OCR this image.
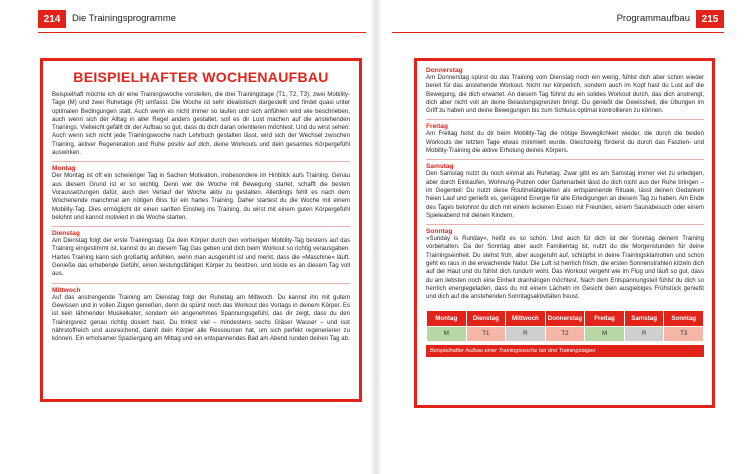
214	Die Trainingsprogramme	Programmaufbau	215
BEISPIELHAFTER WOCHENAUFBAU

Beispielhaft möchte ich dir eine Trainingswoche vorstellen, die drei Trainingstage (T1, T2, T3), zwei Mobility-Tage (M) und zwei Ruhetage (R) umfasst. Die Woche ist sehr idealistisch dargestellt und findet quasi unter optimalen Bedingungen statt. Auch wenn es nicht immer so laufen und sich anfühlen wird wie beschrieben, auch wenn sich der Alltag in aller Regel anders gestaltet, soll es dir Lust machen auf die anstehenden Trainings. Vielleicht gefällt dir der Aufbau so gut, dass du dich daran orientieren möchtest. Und du wirst sehen: Auch wenn sich nicht jede Trainingswoche nach Lehrbuch gestalten lässt, wird sich der Wechsel zwischen Training, aktiver Regeneration und Ruhe positiv auf dich, deine Workouts und dein gesamtes Körpergefühl auswirken.

Montag

Der Montag ist oft ein schwieriger Tag in Sachen Motivation, insbesondere im Hinblick aufs Training. Genau aus diesem Grund ist er so wichtig. Denn wer die Woche mit Bewegung startet, schafft die besten Voraussetzungen dafür, auch den Verlauf der Woche aktiv zu gestalten. Allerdings fehlt es nach dem Wochenende manchmal am nötigen Biss für ein hartes Training. Daher startest du die Woche mit einem Mobility-Tag. Dies ermöglicht dir einen sanften Einstieg ins Training, du wirst mit einem guten Körpergefühl belohnt und kannst motiviert in die Woche starten.

Dienstag

Am Dienstag folgt der erste Trainingstag. Da dein Körper durch den vorherigen Mobility-Tag bestens auf das Training eingestimmt ist, kannst du an diesem Tag Gas geben und dich beim Workout so richtig verausgaben. Hartes Training kann sich großartig anfühlen, wenn man ausgeruht ist und merkt, dass die »Maschine« läuft. Genieße das erhebende Gefühl, einen leistungsfähigen Körper zu besitzen, und koste es an diesem Tag voll aus.

Mittwoch

Auf das anstrengende Training am Dienstag folgt der Ruhetag am Mittwoch. Du kannst ihn mit gutem Gewissen und in vollen Zügen genießen, denn du spürst noch das Workout des Vortags in deinem Körper. Es ist kein lähmender Muskelkater, sondern ein angenehmes Spannungsgefühl, das dir zeigt, dass du den Trainingsreiz genau richtig dosiert hast. Du trinkst viel – mindestens sechs Gläser Wasser – und isst nährstoffreich und ausreichend, damit dein Körper alle Ressourcen hat, um sich perfekt regenerieren zu können. Ein erholsamer Spaziergang am Mittag und ein entspannendes Bad am Abend runden deinen Tag ab.

Donnerstag

Am Donnerstag spürst du das Training vom Dienstag noch ein wenig, fühlst dich aber schon wieder bereit für das anstehende Workout. Nicht nur körperlich, sondern auch im Kopf hast du Lust auf die Bewegung, die dich erwartet. An diesem Tag führst du ein solides Workout durch, das dich anstrengt, dich aber nicht voll an deine Belastungsgrenzen bringt. Du genießt die Gewissheit, die Übungen im Griff zu haben und deine Bewegungen bis zum Schluss optimal kontrollieren zu können.

Freitag

Am Freitag holst du dir beim Mobility-Tag die nötige Beweglichkeit wieder, die durch die beiden Workouts der letzten Tage etwas minimiert wurde. Gleichzeitig förderst du durch das Faszien- und Mobility-Training die aktive Erholung deines Körpers.

Samstag

Den Samstag nutzt du noch einmal als Ruhetag. Zwar gibt es am Samstag immer viel zu erledigen, aber durch Einkaufen, Wohnung-Putzen oder Gartenarbeit lässt du dich nicht aus der Ruhe bringen – im Gegenteil: Du nutzt diese Routinetätigkeiten als entspannende Rituale, lässt deinen Gedanken freien Lauf und genießt es, genügend Energie für alle Erledigungen an diesem Tag zu haben. Am Ende des Tages belohnst du dich mit einem leckeren Essen mit Freunden, einem Saunabesuch oder einem Spieleabend mit deinen Kindern.

Sonntag

»Sunday is Runday«, heißt es so schön. Und auch für dich ist der Sonntag deinem Training vorbehalten. Da der Sonntag aber auch Familientag ist, nutzt du die Morgenstunden für deine Trainingseinheit. Du stehst früh, aber ausgeruht auf, schlüpfst in deine Trainingsklamotten und schon geht es raus in die erwachende Natur. Die Luft ist herrlich frisch, die ersten Sonnenstrahlen kitzeln dich auf der Haut und du fühlst dich rundum wohl. Das Workout vergeht wie im Flug und läuft so gut, dass du am liebsten noch eine Einheit dranhängen möchtest. Nach dem Entspannungsteil fühlst du dich so herrlich energiegeladen, dass du mit einem Lächeln im Gesicht dein ausgiebiges Frühstück genießt und dich auf die anstehenden Sonntagsaktivitäten freust.

Montag	Dienstag	Mittwoch	Donnerstag	Freitag	Samstag	Sonntag
M	T1	R	T2	M	R	T3
Beispielhafter Aufbau einer Trainingswoche bei drei Trainingstagen
